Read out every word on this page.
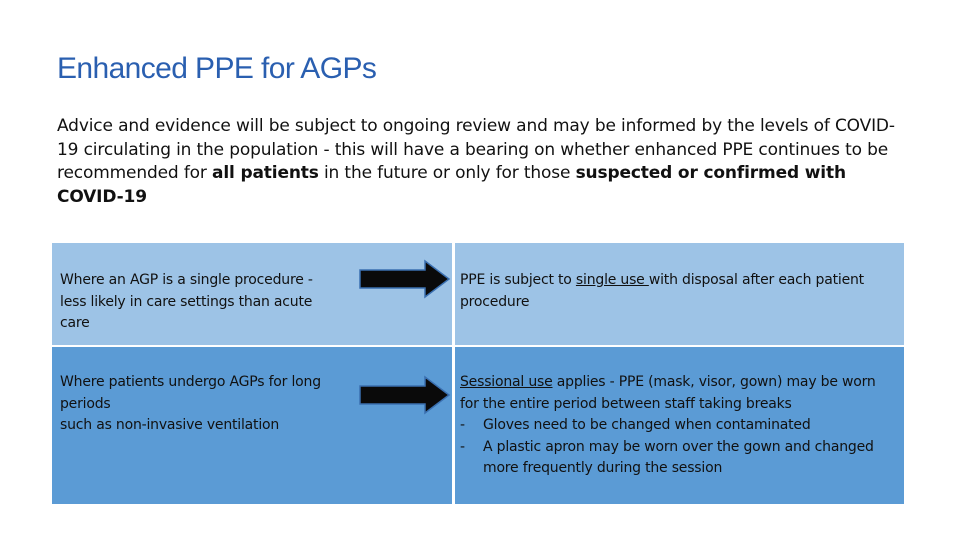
Enhanced PPE for AGPs

Advice and evidence will be subject to ongoing review and may be informed by the levels of COVID-19 circulating in the population - this will have a bearing on whether enhanced PPE continues to be recommended for all patients in the future or only for those suspected or confirmed with COVID-19

Where an AGP is a single procedure - less likely in care settings than acute care
PPE is subject to single use with disposal after each patient procedure
Where patients undergo AGPs for long periods
such as non-invasive ventilation
Sessional use applies - PPE (mask, visor, gown) may be worn for the entire period between staff taking breaks
- Gloves need to be changed when contaminated
- A plastic apron may be worn over the gown and changed more frequently during the session
